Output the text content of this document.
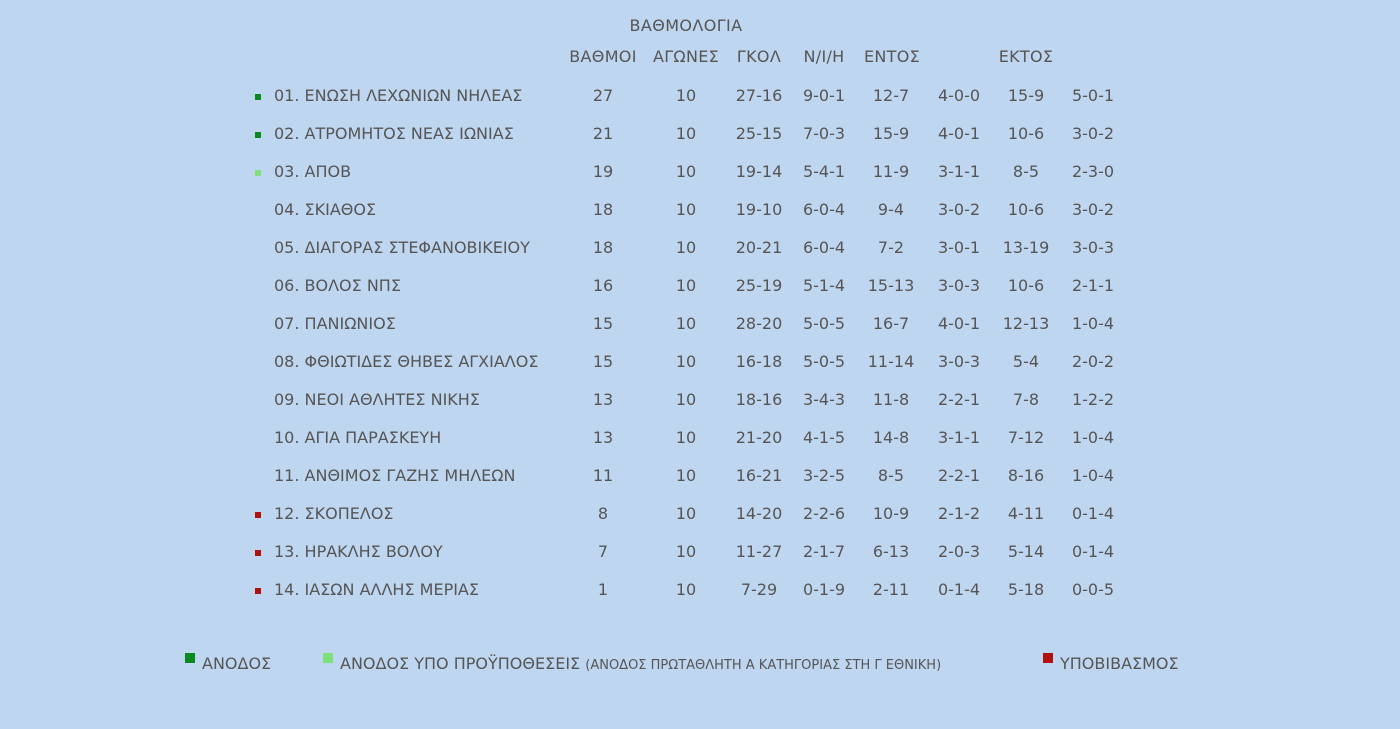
ΒΑΘΜΟΛΟΓΙΑ
ΒΑΘΜΟΙ	ΑΓΩΝΕΣ	ΓΚΟΛ	Ν/Ι/Η	ΕΝΤΟΣ	ΕΚΤΟΣ
01. ΕΝΩΣΗ ΛΕΧΩΝΙΩΝ ΝΗΛΕΑΣ	27	10	27-16	9-0-1	12-7	4-0-0	15-9	5-0-1
02. ΑΤΡΟΜΗΤΟΣ ΝΕΑΣ ΙΩΝΙΑΣ	21	10	25-15	7-0-3	15-9	4-0-1	10-6	3-0-2
03. ΑΠΟΒ	19	10	19-14	5-4-1	11-9	3-1-1	8-5	2-3-0
04. ΣΚΙΑΘΟΣ	18	10	19-10	6-0-4	9-4	3-0-2	10-6	3-0-2
05. ΔΙΑΓΟΡΑΣ ΣΤΕΦΑΝΟΒΙΚΕΙΟΥ	18	10	20-21	6-0-4	7-2	3-0-1	13-19	3-0-3
06. ΒΟΛΟΣ ΝΠΣ	16	10	25-19	5-1-4	15-13	3-0-3	10-6	2-1-1
07. ΠΑΝΙΩΝΙΟΣ	15	10	28-20	5-0-5	16-7	4-0-1	12-13	1-0-4
08. ΦΘΙΩΤΙΔΕΣ ΘΗΒΕΣ ΑΓΧΙΑΛΟΣ	15	10	16-18	5-0-5	11-14	3-0-3	5-4	2-0-2
09. ΝΕΟΙ ΑΘΛΗΤΕΣ ΝΙΚΗΣ	13	10	18-16	3-4-3	11-8	2-2-1	7-8	1-2-2
10. ΑΓΙΑ ΠΑΡΑΣΚΕΥΗ	13	10	21-20	4-1-5	14-8	3-1-1	7-12	1-0-4
11. ΑΝΘΙΜΟΣ ΓΑΖΗΣ ΜΗΛΕΩΝ	11	10	16-21	3-2-5	8-5	2-2-1	8-16	1-0-4
12. ΣΚΟΠΕΛΟΣ	8	10	14-20	2-2-6	10-9	2-1-2	4-11	0-1-4
13. ΗΡΑΚΛΗΣ ΒΟΛΟΥ	7	10	11-27	2-1-7	6-13	2-0-3	5-14	0-1-4
14. ΙΑΣΩΝ ΑΛΛΗΣ ΜΕΡΙΑΣ	1	10	7-29	0-1-9	2-11	0-1-4	5-18	0-0-5
ΑΝΟΔΟΣ	ΑΝΟΔΟΣ ΥΠΟ ΠΡΟΫΠΟΘΕΣΕΙΣ (ΑΝΟΔΟΣ ΠΡΩΤΑΘΛΗΤΗ Α ΚΑΤΗΓΟΡΙΑΣ ΣΤΗ Γ ΕΘΝΙΚΗ)	ΥΠΟΒΙΒΑΣΜΟΣ
